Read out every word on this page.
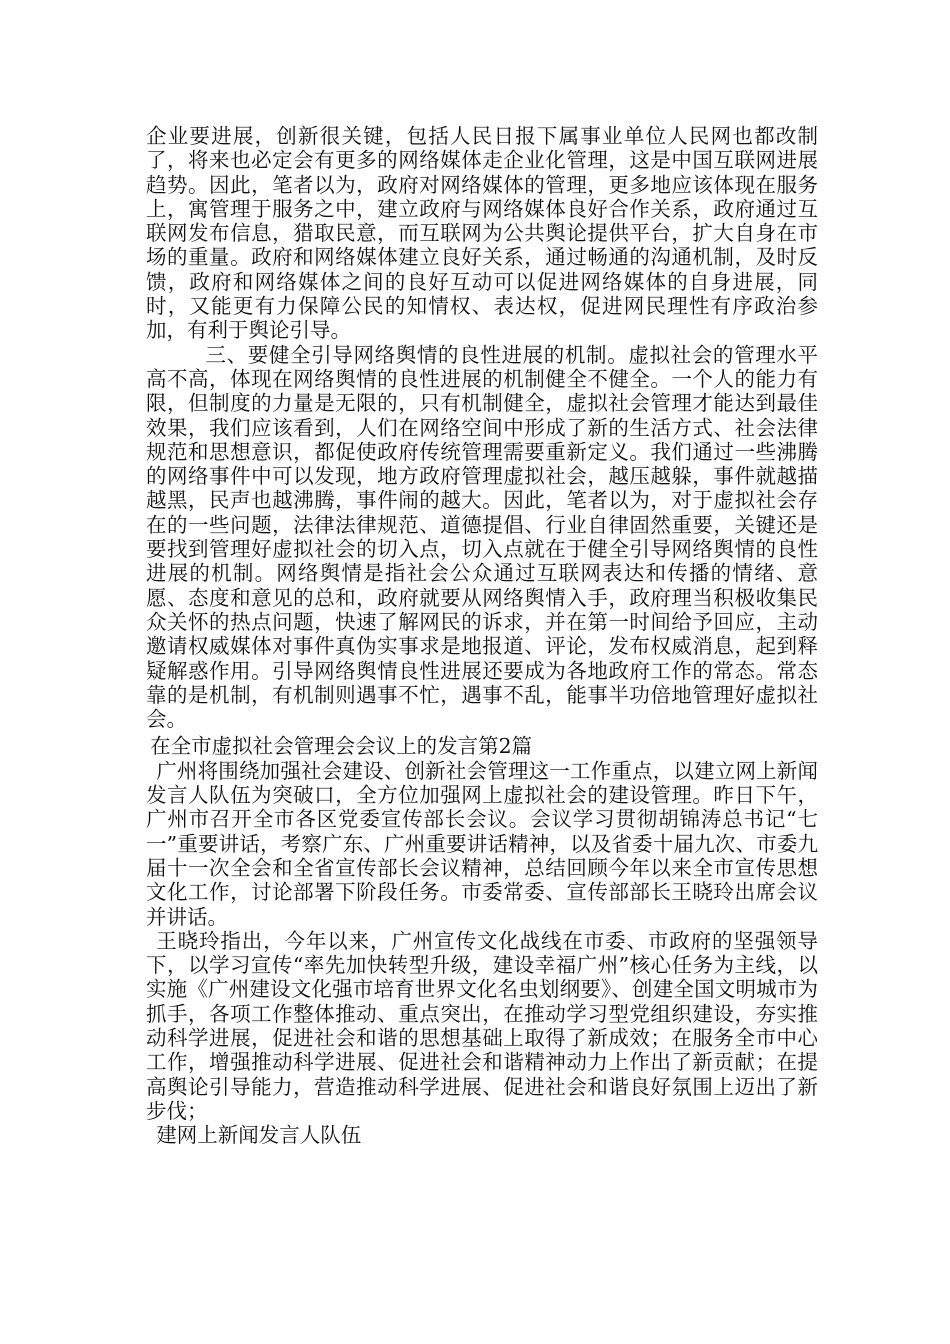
企业要进展，创新很关键，包括人民日报下属事业单位人民网也都改制了，将来也必定会有更多的网络媒体走企业化管理，这是中国互联网进展趋势。因此，笔者以为，政府对网络媒体的管理，更多地应该体现在服务上，寓管理于服务之中，建立政府与网络媒体良好合作关系，政府通过互联网发布信息，猎取民意，而互联网为公共舆论提供平台，扩大自身在市场的重量。政府和网络媒体建立良好关系，通过畅通的沟通机制，及时反馈，政府和网络媒体之间的良好互动可以促进网络媒体的自身进展，同时，又能更有力保障公民的知情权、表达权，促进网民理性有序政治参加，有利于舆论引导。

三、要健全引导网络舆情的良性进展的机制。虚拟社会的管理水平高不高，体现在网络舆情的良性进展的机制健全不健全。一个人的能力有限，但制度的力量是无限的，只有机制健全，虚拟社会管理才能达到最佳效果，我们应该看到，人们在网络空间中形成了新的生活方式、社会法律规范和思想意识，都促使政府传统管理需要重新定义。我们通过一些沸腾的网络事件中可以发现，地方政府管理虚拟社会，越压越躲，事件就越描越黑，民声也越沸腾，事件闹的越大。因此，笔者以为，对于虚拟社会存在的一些问题，法律法律规范、道德提倡、行业自律固然重要，关键还是要找到管理好虚拟社会的切入点，切入点就在于健全引导网络舆情的良性进展的机制。网络舆情是指社会公众通过互联网表达和传播的情绪、意愿、态度和意见的总和，政府就要从网络舆情入手，政府理当积极收集民众关怀的热点问题，快速了解网民的诉求，并在第一时间给予回应，主动邀请权威媒体对事件真伪实事求是地报道、评论，发布权威消息，起到释疑解惑作用。引导网络舆情良性进展还要成为各地政府工作的常态。常态靠的是机制，有机制则遇事不忙，遇事不乱，能事半功倍地管理好虚拟社会。

在全市虚拟社会管理会会议上的发言第2篇

广州将围绕加强社会建设、创新社会管理这一工作重点，以建立网上新闻发言人队伍为突破口，全方位加强网上虚拟社会的建设管理。昨日下午，广州市召开全市各区党委宣传部长会议。会议学习贯彻胡锦涛总书记“七一”重要讲话，考察广东、广州重要讲话精神，以及省委十届九次、市委九届十一次全会和全省宣传部长会议精神，总结回顾今年以来全市宣传思想文化工作，讨论部署下阶段任务。市委常委、宣传部部长王晓玲出席会议并讲话。

王晓玲指出，今年以来，广州宣传文化战线在市委、市政府的坚强领导下，以学习宣传“率先加快转型升级，建设幸福广州”核心任务为主线，以实施《广州建设文化强市培育世界文化名虫划纲要》、创建全国文明城市为抓手，各项工作整体推动、重点突出，在推动学习型党组织建设，夯实推动科学进展，促进社会和谐的思想基础上取得了新成效；在服务全市中心工作，增强推动科学进展、促进社会和谐精神动力上作出了新贡献；在提高舆论引导能力，营造推动科学进展、促进社会和谐良好氛围上迈出了新步伐；

建网上新闻发言人队伍
